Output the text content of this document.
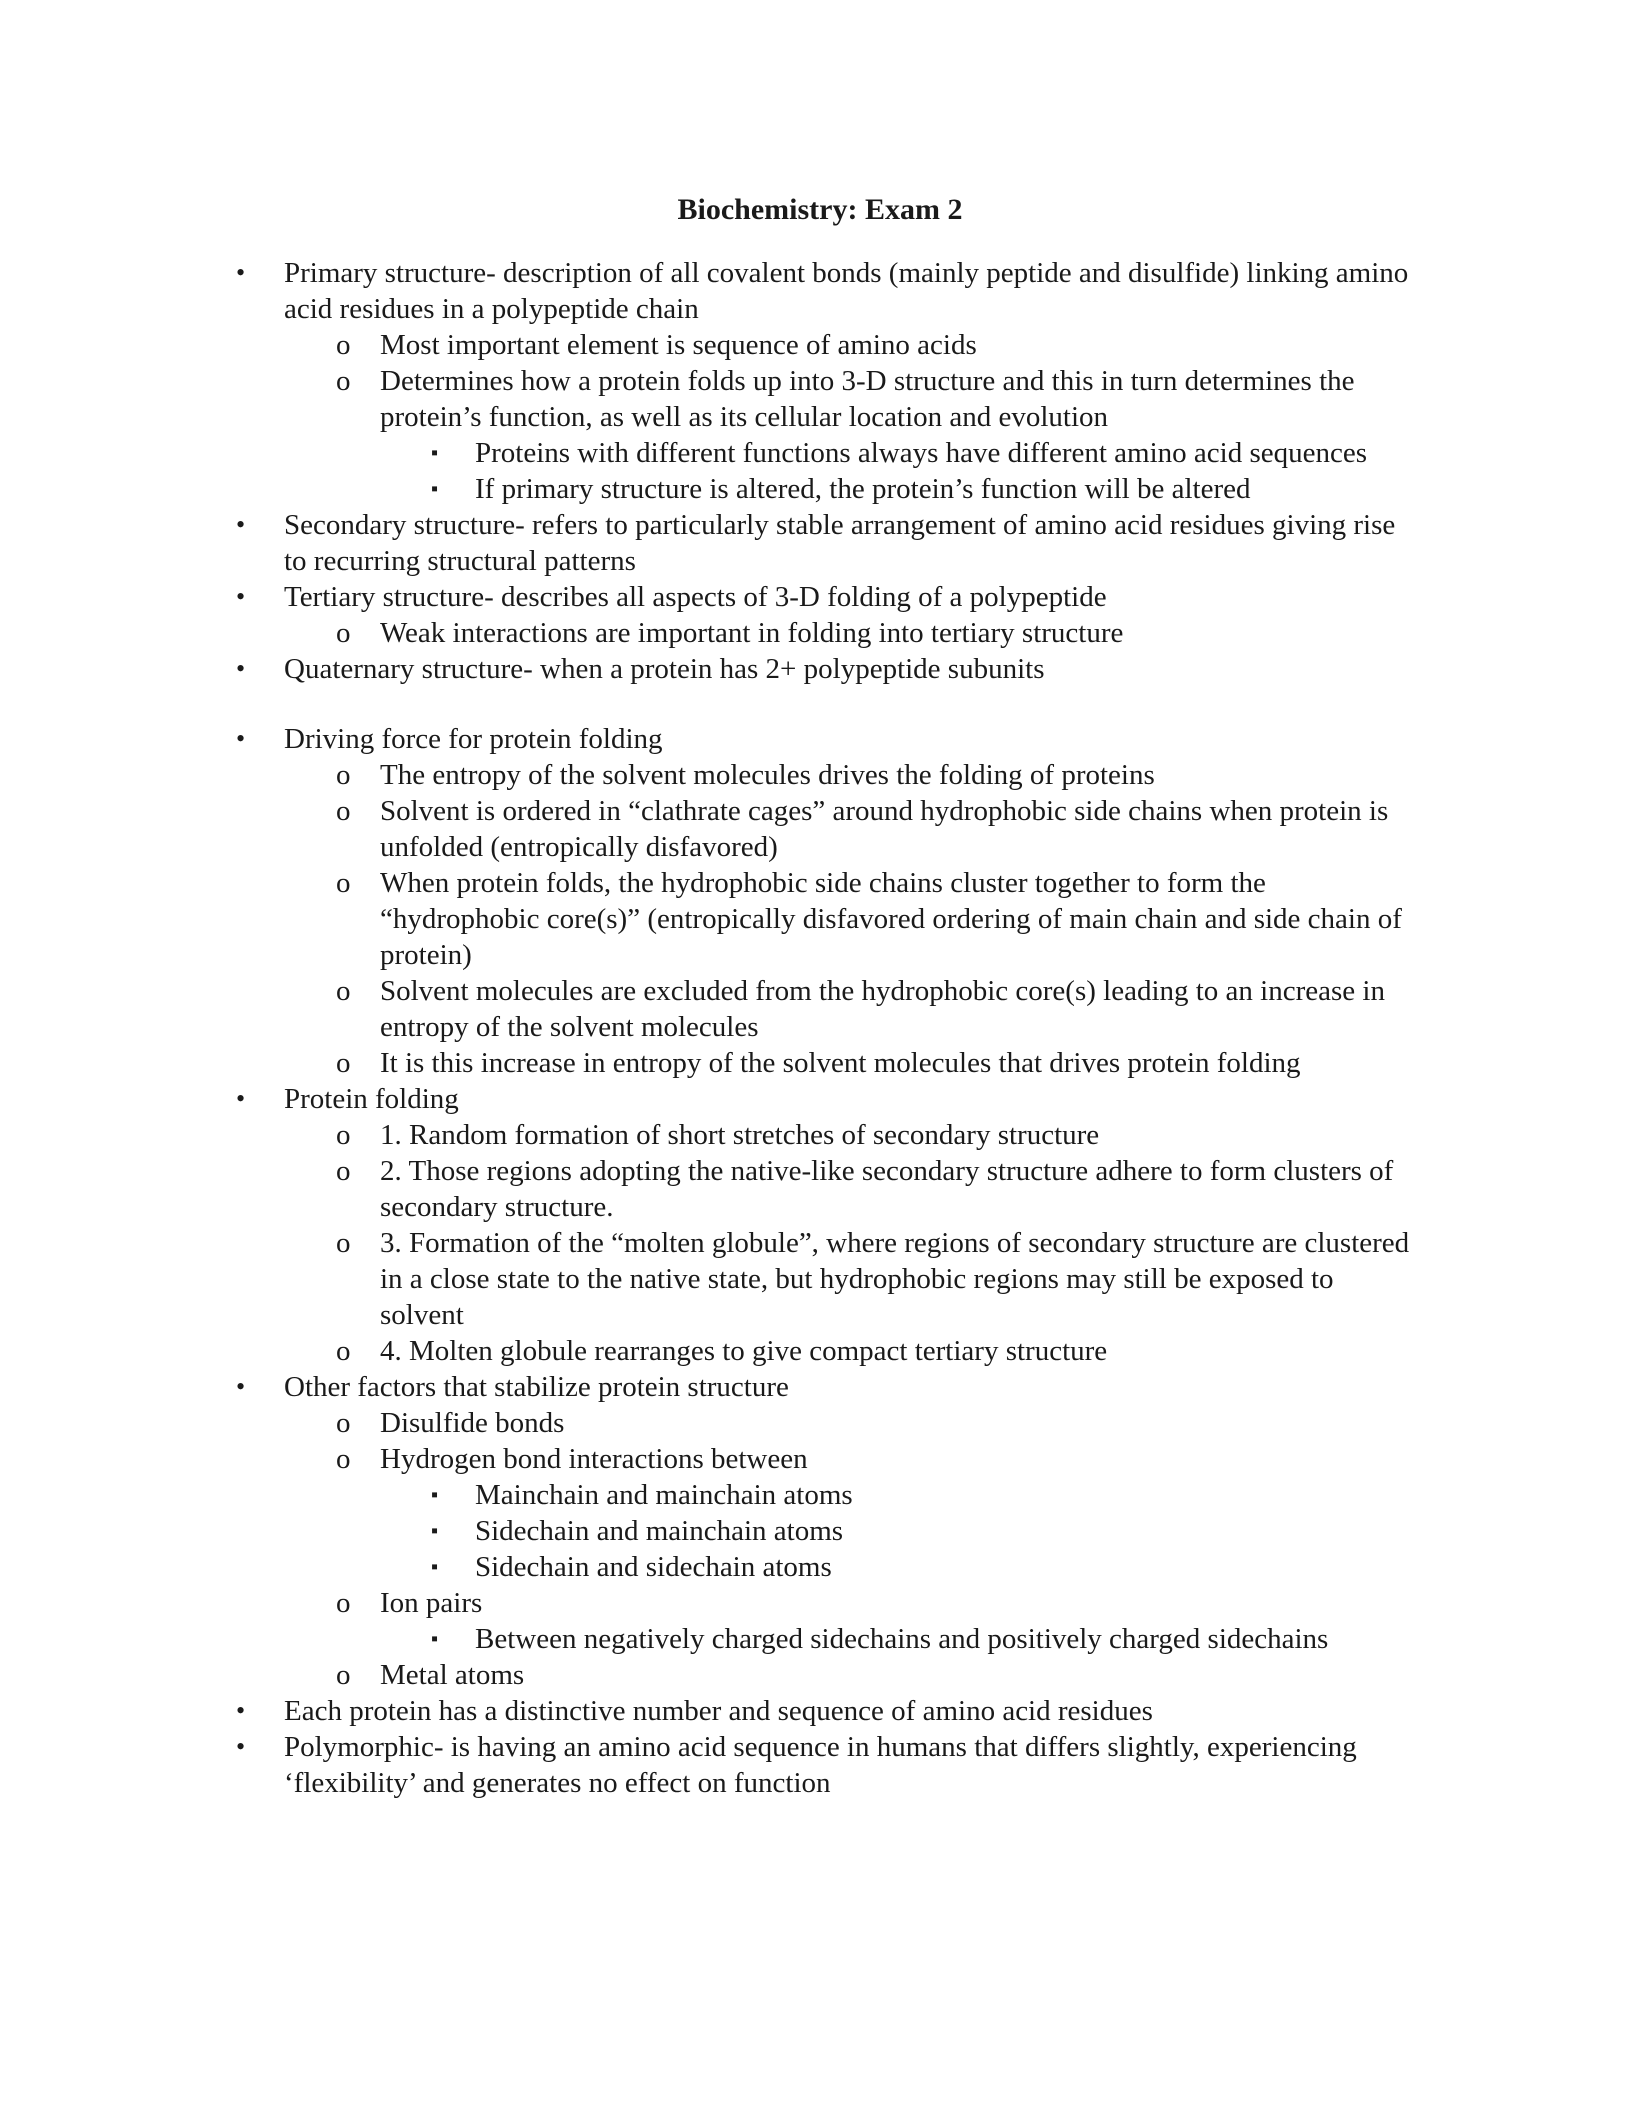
Biochemistry: Exam 2
• Primary structure- description of all covalent bonds (mainly peptide and disulfide) linking amino acid residues in a polypeptide chain
o Most important element is sequence of amino acids
o Determines how a protein folds up into 3-D structure and this in turn determines the protein’s function, as well as its cellular location and evolution
▪ Proteins with different functions always have different amino acid sequences
▪ If primary structure is altered, the protein’s function will be altered
• Secondary structure- refers to particularly stable arrangement of amino acid residues giving rise to recurring structural patterns
• Tertiary structure- describes all aspects of 3-D folding of a polypeptide
o Weak interactions are important in folding into tertiary structure
• Quaternary structure- when a protein has 2+ polypeptide subunits
• Driving force for protein folding
o The entropy of the solvent molecules drives the folding of proteins
o Solvent is ordered in “clathrate cages” around hydrophobic side chains when protein is unfolded (entropically disfavored)
o When protein folds, the hydrophobic side chains cluster together to form the “hydrophobic core(s)” (entropically disfavored ordering of main chain and side chain of protein)
o Solvent molecules are excluded from the hydrophobic core(s) leading to an increase in entropy of the solvent molecules
o It is this increase in entropy of the solvent molecules that drives protein folding
• Protein folding
o 1. Random formation of short stretches of secondary structure
o 2. Those regions adopting the native-like secondary structure adhere to form clusters of secondary structure.
o 3. Formation of the “molten globule”, where regions of secondary structure are clustered in a close state to the native state, but hydrophobic regions may still be exposed to solvent
o 4. Molten globule rearranges to give compact tertiary structure
• Other factors that stabilize protein structure
o Disulfide bonds
o Hydrogen bond interactions between
▪ Mainchain and mainchain atoms
▪ Sidechain and mainchain atoms
▪ Sidechain and sidechain atoms
o Ion pairs
▪ Between negatively charged sidechains and positively charged sidechains
o Metal atoms
• Each protein has a distinctive number and sequence of amino acid residues
• Polymorphic- is having an amino acid sequence in humans that differs slightly, experiencing ‘flexibility’ and generates no effect on function
